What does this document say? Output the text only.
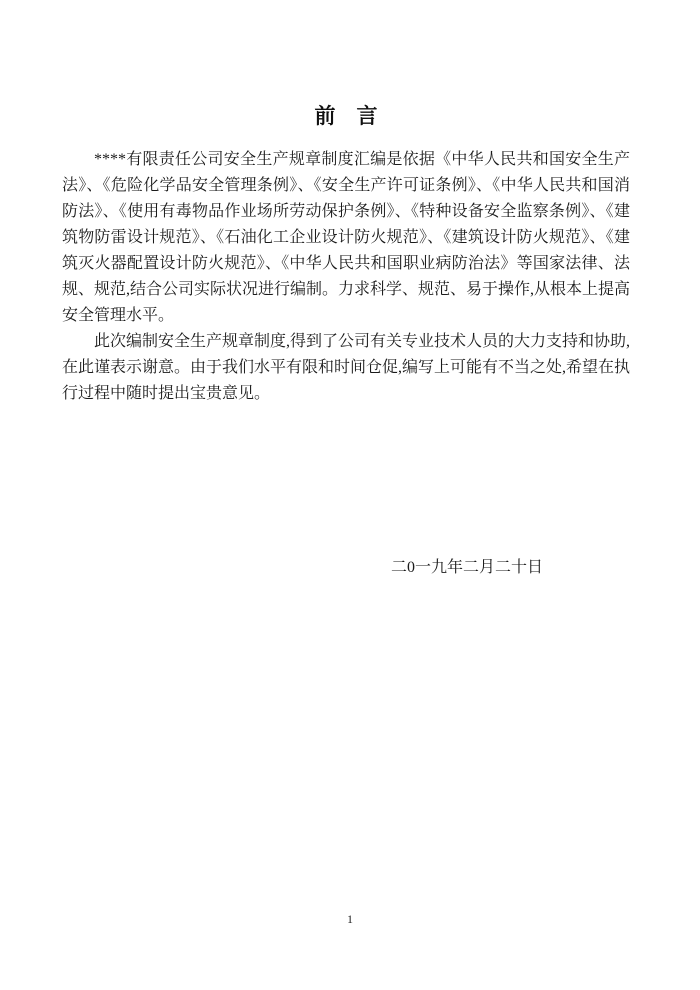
前　言

****有限责任公司安全生产规章制度汇编是依据《中华人民共和国安全生产法》、《危险化学品安全管理条例》、《安全生产许可证条例》、《中华人民共和国消防法》、《使用有毒物品作业场所劳动保护条例》、《特种设备安全监察条例》、《建筑物防雷设计规范》、《石油化工企业设计防火规范》、《建筑设计防火规范》、《建筑灭火器配置设计防火规范》、《中华人民共和国职业病防治法》等国家法律、法规、规范,结合公司实际状况进行编制。力求科学、规范、易于操作,从根本上提高安全管理水平。

此次编制安全生产规章制度,得到了公司有关专业技术人员的大力支持和协助,在此谨表示谢意。由于我们水平有限和时间仓促,编写上可能有不当之处,希望在执行过程中随时提出宝贵意见。

二0一九年二月二十日
1
